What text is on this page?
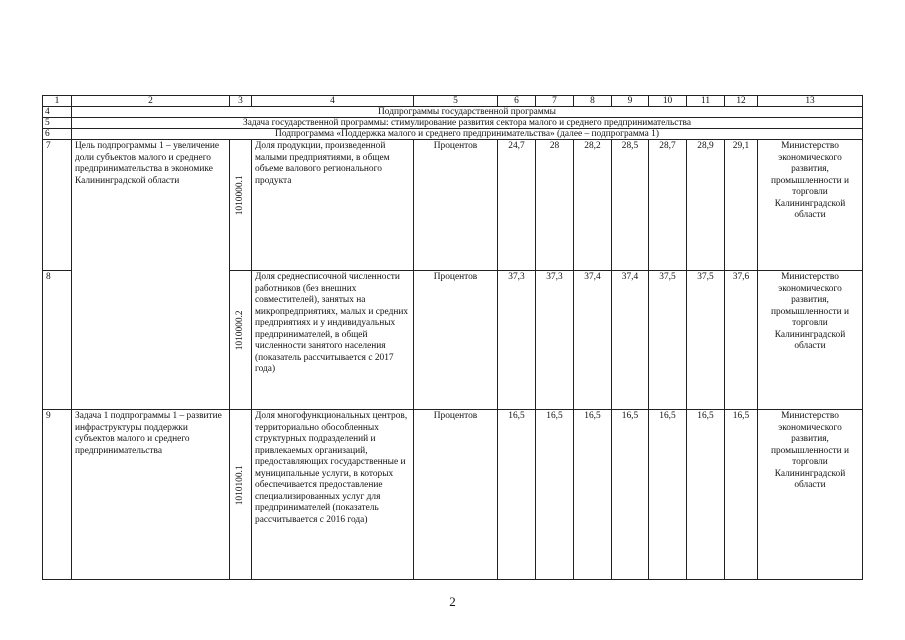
1	2	3	4	5	6	7	8	9	10	11	12	13
4	Подпрограммы государственной программы											
5	Задача государственной программы: стимулирование развития сектора малого и среднего предпринимательства											
6	Подпрограмма «Поддержка малого и среднего предпринимательства» (далее – подпрограмма 1)											
7	Цель подпрограммы 1 – увеличение доли субъектов малого и среднего предпринимательства в экономике Калининградской области	1010000.1	Доля продукции, произведенной малыми предприятиями, в общем объеме валового регионального продукта	Процентов	24,7	28	28,2	28,5	28,7	28,9	29,1	Министерство экономического развития, промышленности и торговли Калининградской области
8		1010000.2	Доля среднесписочной численности работников (без внешних совместителей), занятых на микропредприятиях, малых и средних предприятиях и у индивидуальных предпринимателей, в общей численности занятого населения (показатель рассчитывается с 2017 года)	Процентов	37,3	37,3	37,4	37,4	37,5	37,5	37,6	Министерство экономического развития, промышленности и торговли Калининградской области
9	Задача 1 подпрограммы 1 – развитие инфраструктуры поддержки субъектов малого и среднего предпринимательства	1010100.1	Доля многофункциональных центров, территориально обособленных структурных подразделений и привлекаемых организаций, предоставляющих государственные и муниципальные услуги, в которых обеспечивается предоставление специализированных услуг для предпринимателей (показатель рассчитывается с 2016 года)	Процентов	16,5	16,5	16,5	16,5	16,5	16,5	16,5	Министерство экономического развития, промышленности и торговли Калининградской области
2
